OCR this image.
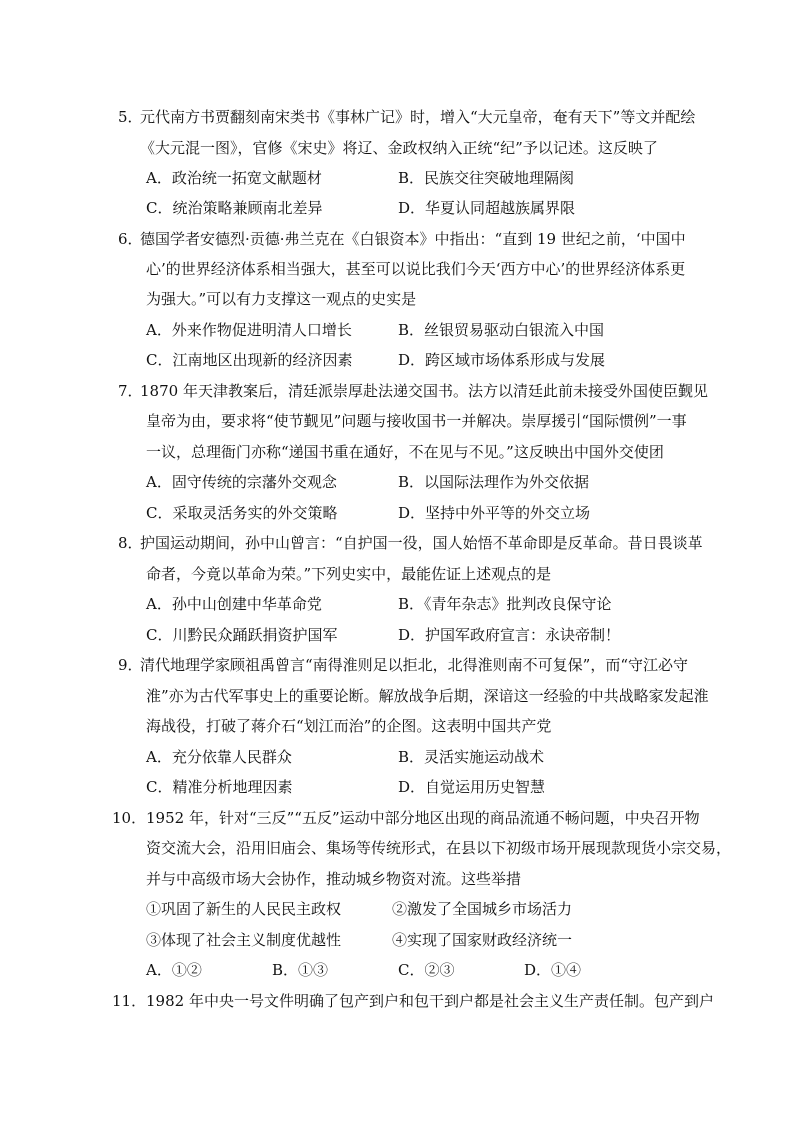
5．
元代南方书贾翻刻南宋类书《事林广记》时，增入“大元皇帝，奄有天下”等文并配绘
《大元混一图》，官修《宋史》将辽、金政权纳入正统“纪”予以记述。这反映了
A．政治统一拓宽文献题材	B．民族交往突破地理隔阂
C．统治策略兼顾南北差异	D．华夏认同超越族属界限
6．
德国学者安德烈·贡德·弗兰克在《白银资本》中指出：“直到 19 世纪之前，‘中国中
心’的世界经济体系相当强大，甚至可以说比我们今天‘西方中心’的世界经济体系更
为强大。”可以有力支撑这一观点的史实是
A．外来作物促进明清人口增长	B．丝银贸易驱动白银流入中国
C．江南地区出现新的经济因素	D．跨区域市场体系形成与发展
7．
1870 年天津教案后，清廷派崇厚赴法递交国书。法方以清廷此前未接受外国使臣觐见
皇帝为由，要求将“使节觐见”问题与接收国书一并解决。崇厚援引“国际惯例”一事
一议，总理衙门亦称“递国书重在通好，不在见与不见。”这反映出中国外交使团
A．固守传统的宗藩外交观念	B．以国际法理作为外交依据
C．采取灵活务实的外交策略	D．坚持中外平等的外交立场
8．
护国运动期间，孙中山曾言：“自护国一役，国人始悟不革命即是反革命。昔日畏谈革
命者，今竟以革命为荣。”下列史实中，最能佐证上述观点的是
A．孙中山创建中华革命党	B．《青年杂志》批判改良保守论
C．川黔民众踊跃捐资护国军	D．护国军政府宣言：永诀帝制！
9．
清代地理学家顾祖禹曾言“南得淮则足以拒北，北得淮则南不可复保”，而“守江必守
淮”亦为古代军事史上的重要论断。解放战争后期，深谙这一经验的中共战略家发起淮
海战役，打破了蒋介石“划江而治”的企图。这表明中国共产党
A．充分依靠人民群众	B．灵活实施运动战术
C．精准分析地理因素	D．自觉运用历史智慧
10． 1952 年，针对“三反”“五反”运动中部分地区出现的商品流通不畅问题，中央召开物
资交流大会，沿用旧庙会、集场等传统形式，在县以下初级市场开展现款现货小宗交易，
并与中高级市场大会协作，推动城乡物资对流。这些举措
①巩固了新生的人民民主政权	②激发了全国城乡市场活力
③体现了社会主义制度优越性	④实现了国家财政经济统一
A．①②	B．①③	C．②③	D．①④
11． 1982 年中央一号文件明确了包产到户和包干到户都是社会主义生产责任制。包产到户
